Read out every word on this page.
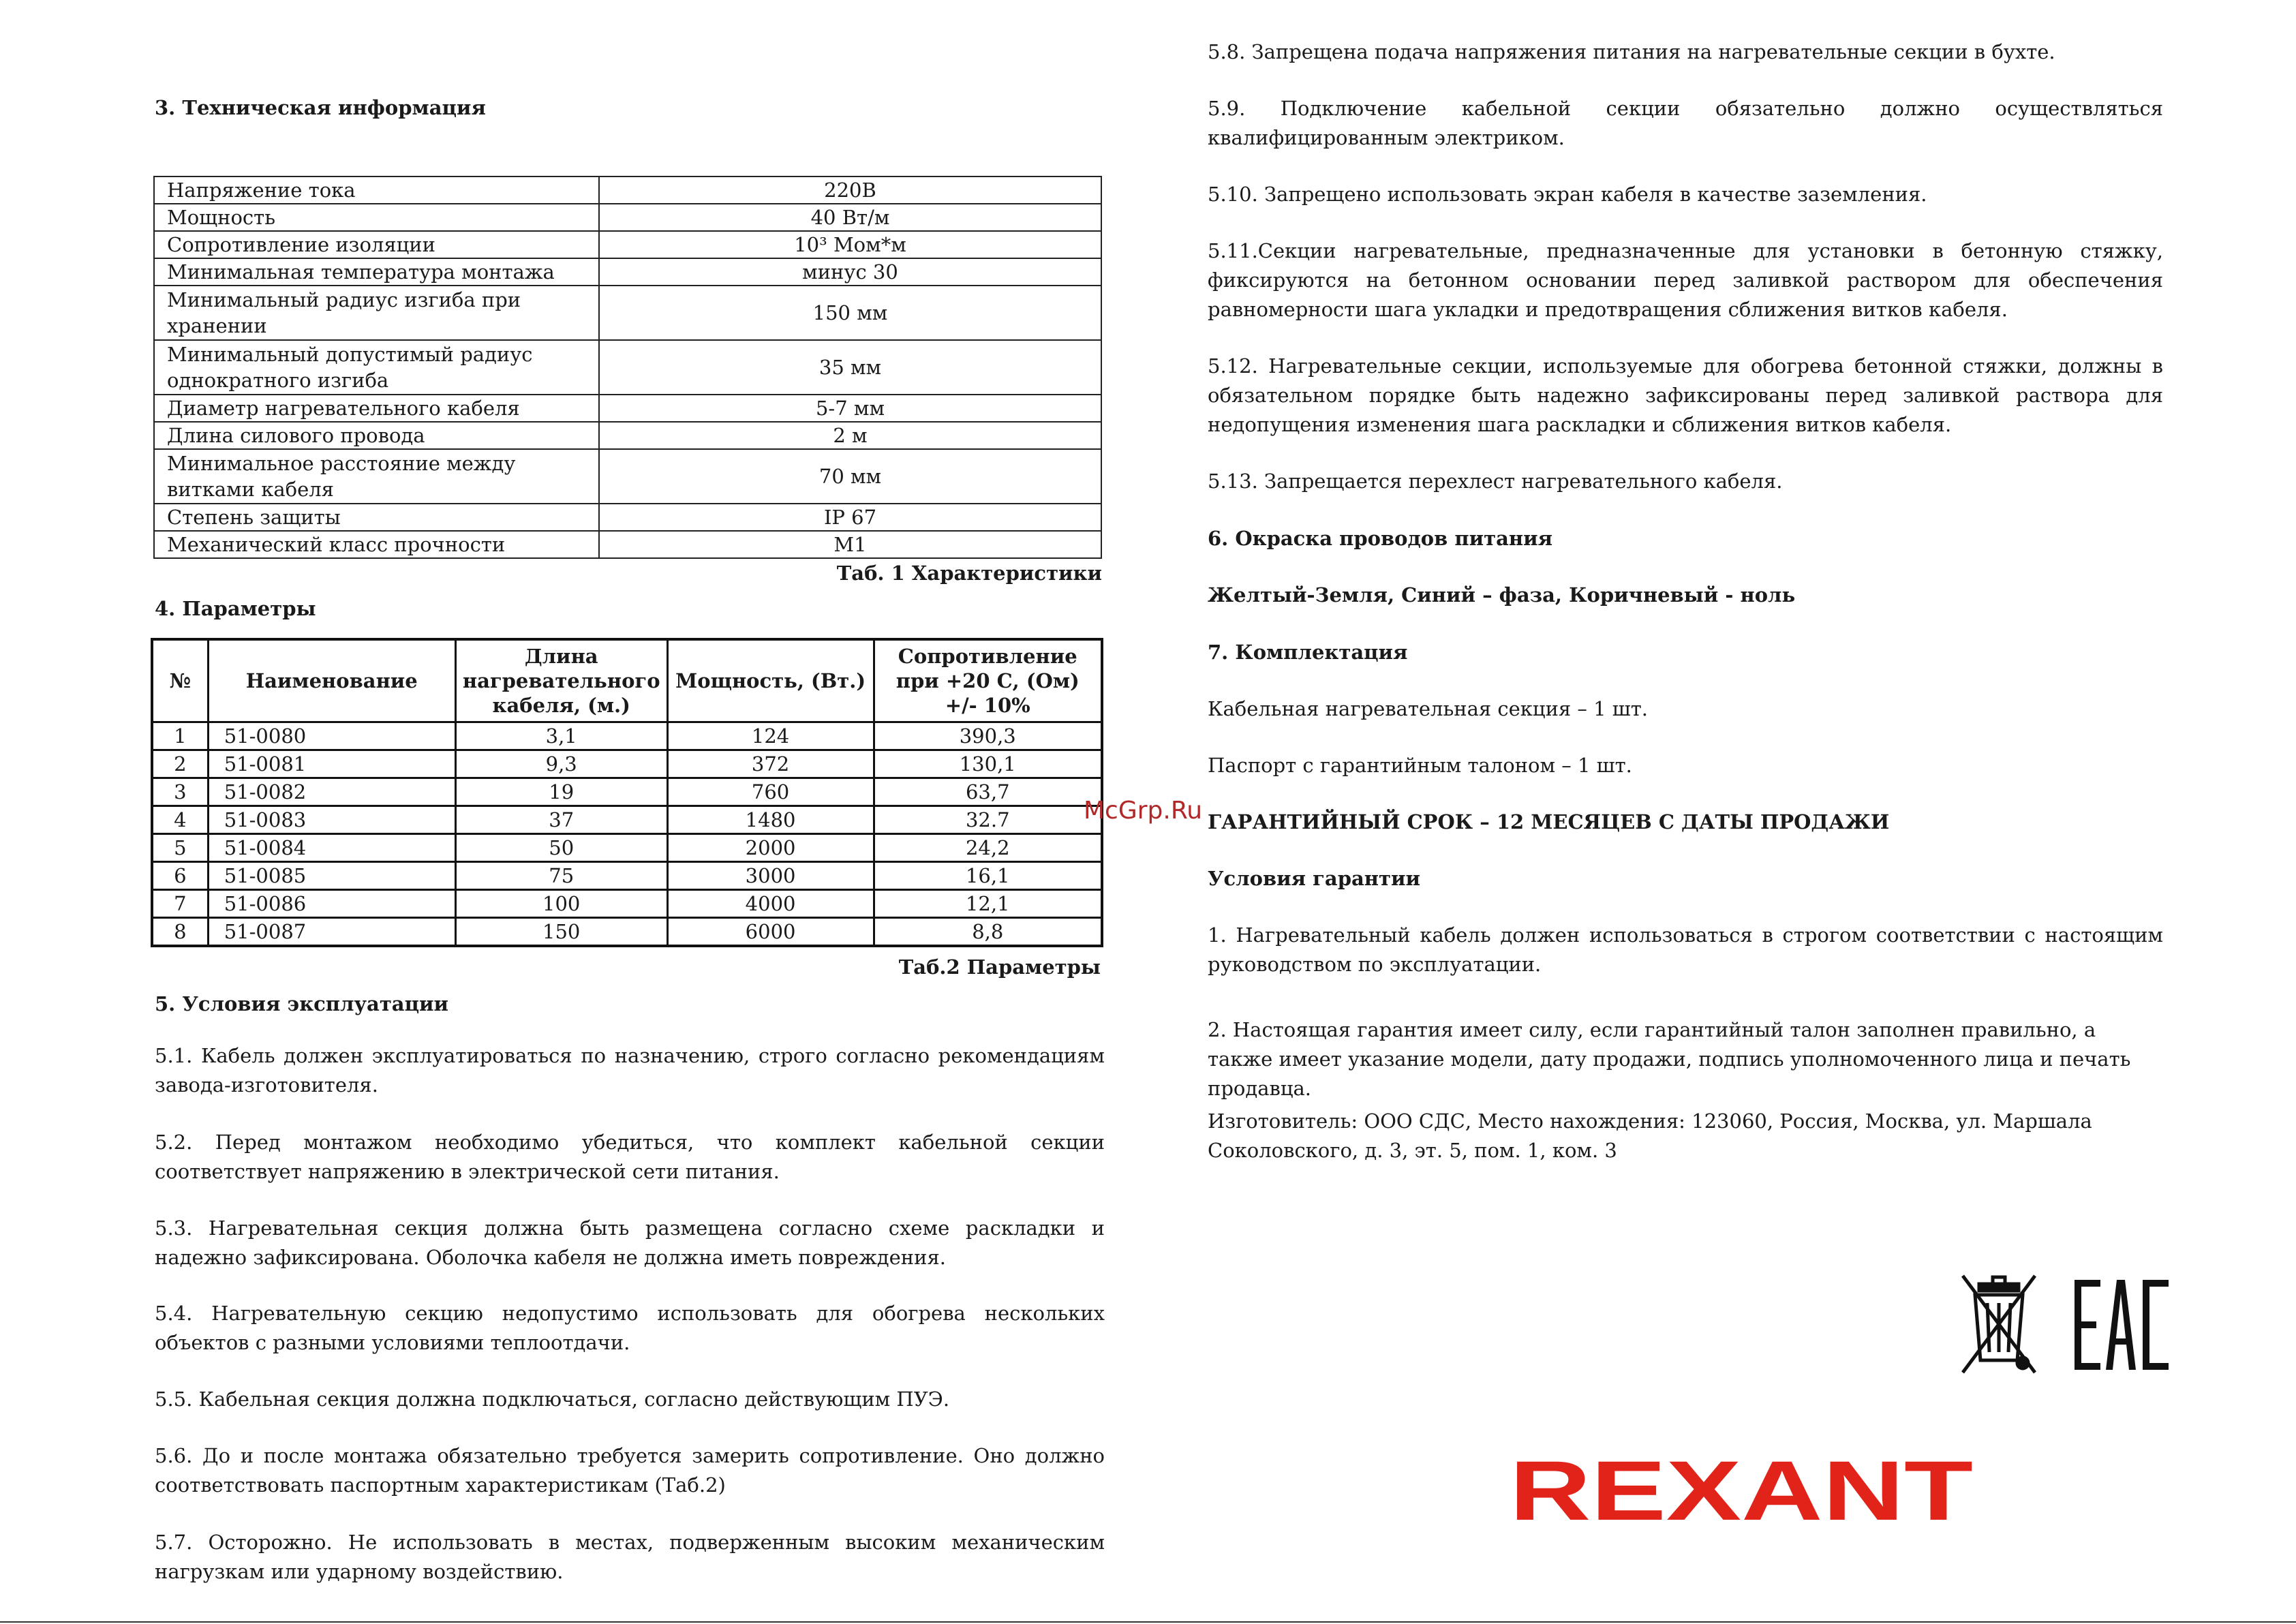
3. Техническая информация

Напряжение тока	220В
Мощность	40 Вт/м
Сопротивление изоляции	10³ Мом*м
Минимальная температура монтажа	минус 30
Минимальный радиус изгиба при хранении	150 мм
Минимальный допустимый радиус однократного изгиба	35 мм
Диаметр нагревательного кабеля	5-7 мм
Длина силового провода	2 м
Минимальное расстояние между витками кабеля	70 мм
Степень защиты	IP 67
Механический класс прочности	М1

Таб. 1 Характеристики

4. Параметры

№	Наименование	Длина нагревательного кабеля, (м.)	Мощность, (Вт.)	Сопротивление при +20 С, (Ом) +/- 10%
1	51-0080	3,1	124	390,3
2	51-0081	9,3	372	130,1
3	51-0082	19	760	63,7
4	51-0083	37	1480	32.7
5	51-0084	50	2000	24,2
6	51-0085	75	3000	16,1
7	51-0086	100	4000	12,1
8	51-0087	150	6000	8,8

Таб.2 Параметры

5. Условия эксплуатации

5.1. Кабель должен эксплуатироваться по назначению, строго согласно рекомендациям завода-изготовителя.

5.2. Перед монтажом необходимо убедиться, что комплект кабельной секции соответствует напряжению в электрической сети питания.

5.3. Нагревательная секция должна быть размещена согласно схеме раскладки и надежно зафиксирована. Оболочка кабеля не должна иметь повреждения.

5.4. Нагревательную секцию недопустимо использовать для обогрева нескольких объектов с разными условиями теплоотдачи.

5.5. Кабельная секция должна подключаться, согласно действующим ПУЭ.

5.6. До и после монтажа обязательно требуется замерить сопротивление. Оно должно соответствовать паспортным характеристикам (Таб.2)

5.7. Осторожно. Не использовать в местах, подверженным высоким механическим нагрузкам или ударному воздействию.

5.8. Запрещена подача напряжения питания на нагревательные секции в бухте.

5.9. Подключение кабельной секции обязательно должно осуществляться квалифицированным электриком.

5.10. Запрещено использовать экран кабеля в качестве заземления.

5.11.Секции нагревательные, предназначенные для установки в бетонную стяжку, фиксируются на бетонном основании перед заливкой раствором для обеспечения равномерности шага укладки и предотвращения сближения витков кабеля.

5.12. Нагревательные секции, используемые для обогрева бетонной стяжки, должны в обязательном порядке быть надежно зафиксированы перед заливкой раствора для недопущения изменения шага раскладки и сближения витков кабеля.

5.13. Запрещается перехлест нагревательного кабеля.

6. Окраска проводов питания

Желтый-Земля, Синий – фаза, Коричневый - ноль

7. Комплектация

Кабельная нагревательная секция – 1 шт.

Паспорт с гарантийным талоном – 1 шт.

ГАРАНТИЙНЫЙ СРОК – 12 МЕСЯЦЕВ С ДАТЫ ПРОДАЖИ

Условия гарантии

1. Нагревательный кабель должен использоваться в строгом соответствии с настоящим руководством по эксплуатации.

2. Настоящая гарантия имеет силу, если гарантийный талон заполнен правильно, а также имеет указание модели, дату продажи, подпись уполномоченного лица и печать продавца.

Изготовитель: ООО СДС, Место нахождения: 123060, Россия, Москва, ул. Маршала Соколовского, д. 3, эт. 5, пом. 1, ком. 3

McGrp.Ru
ЕАС
REXANT
